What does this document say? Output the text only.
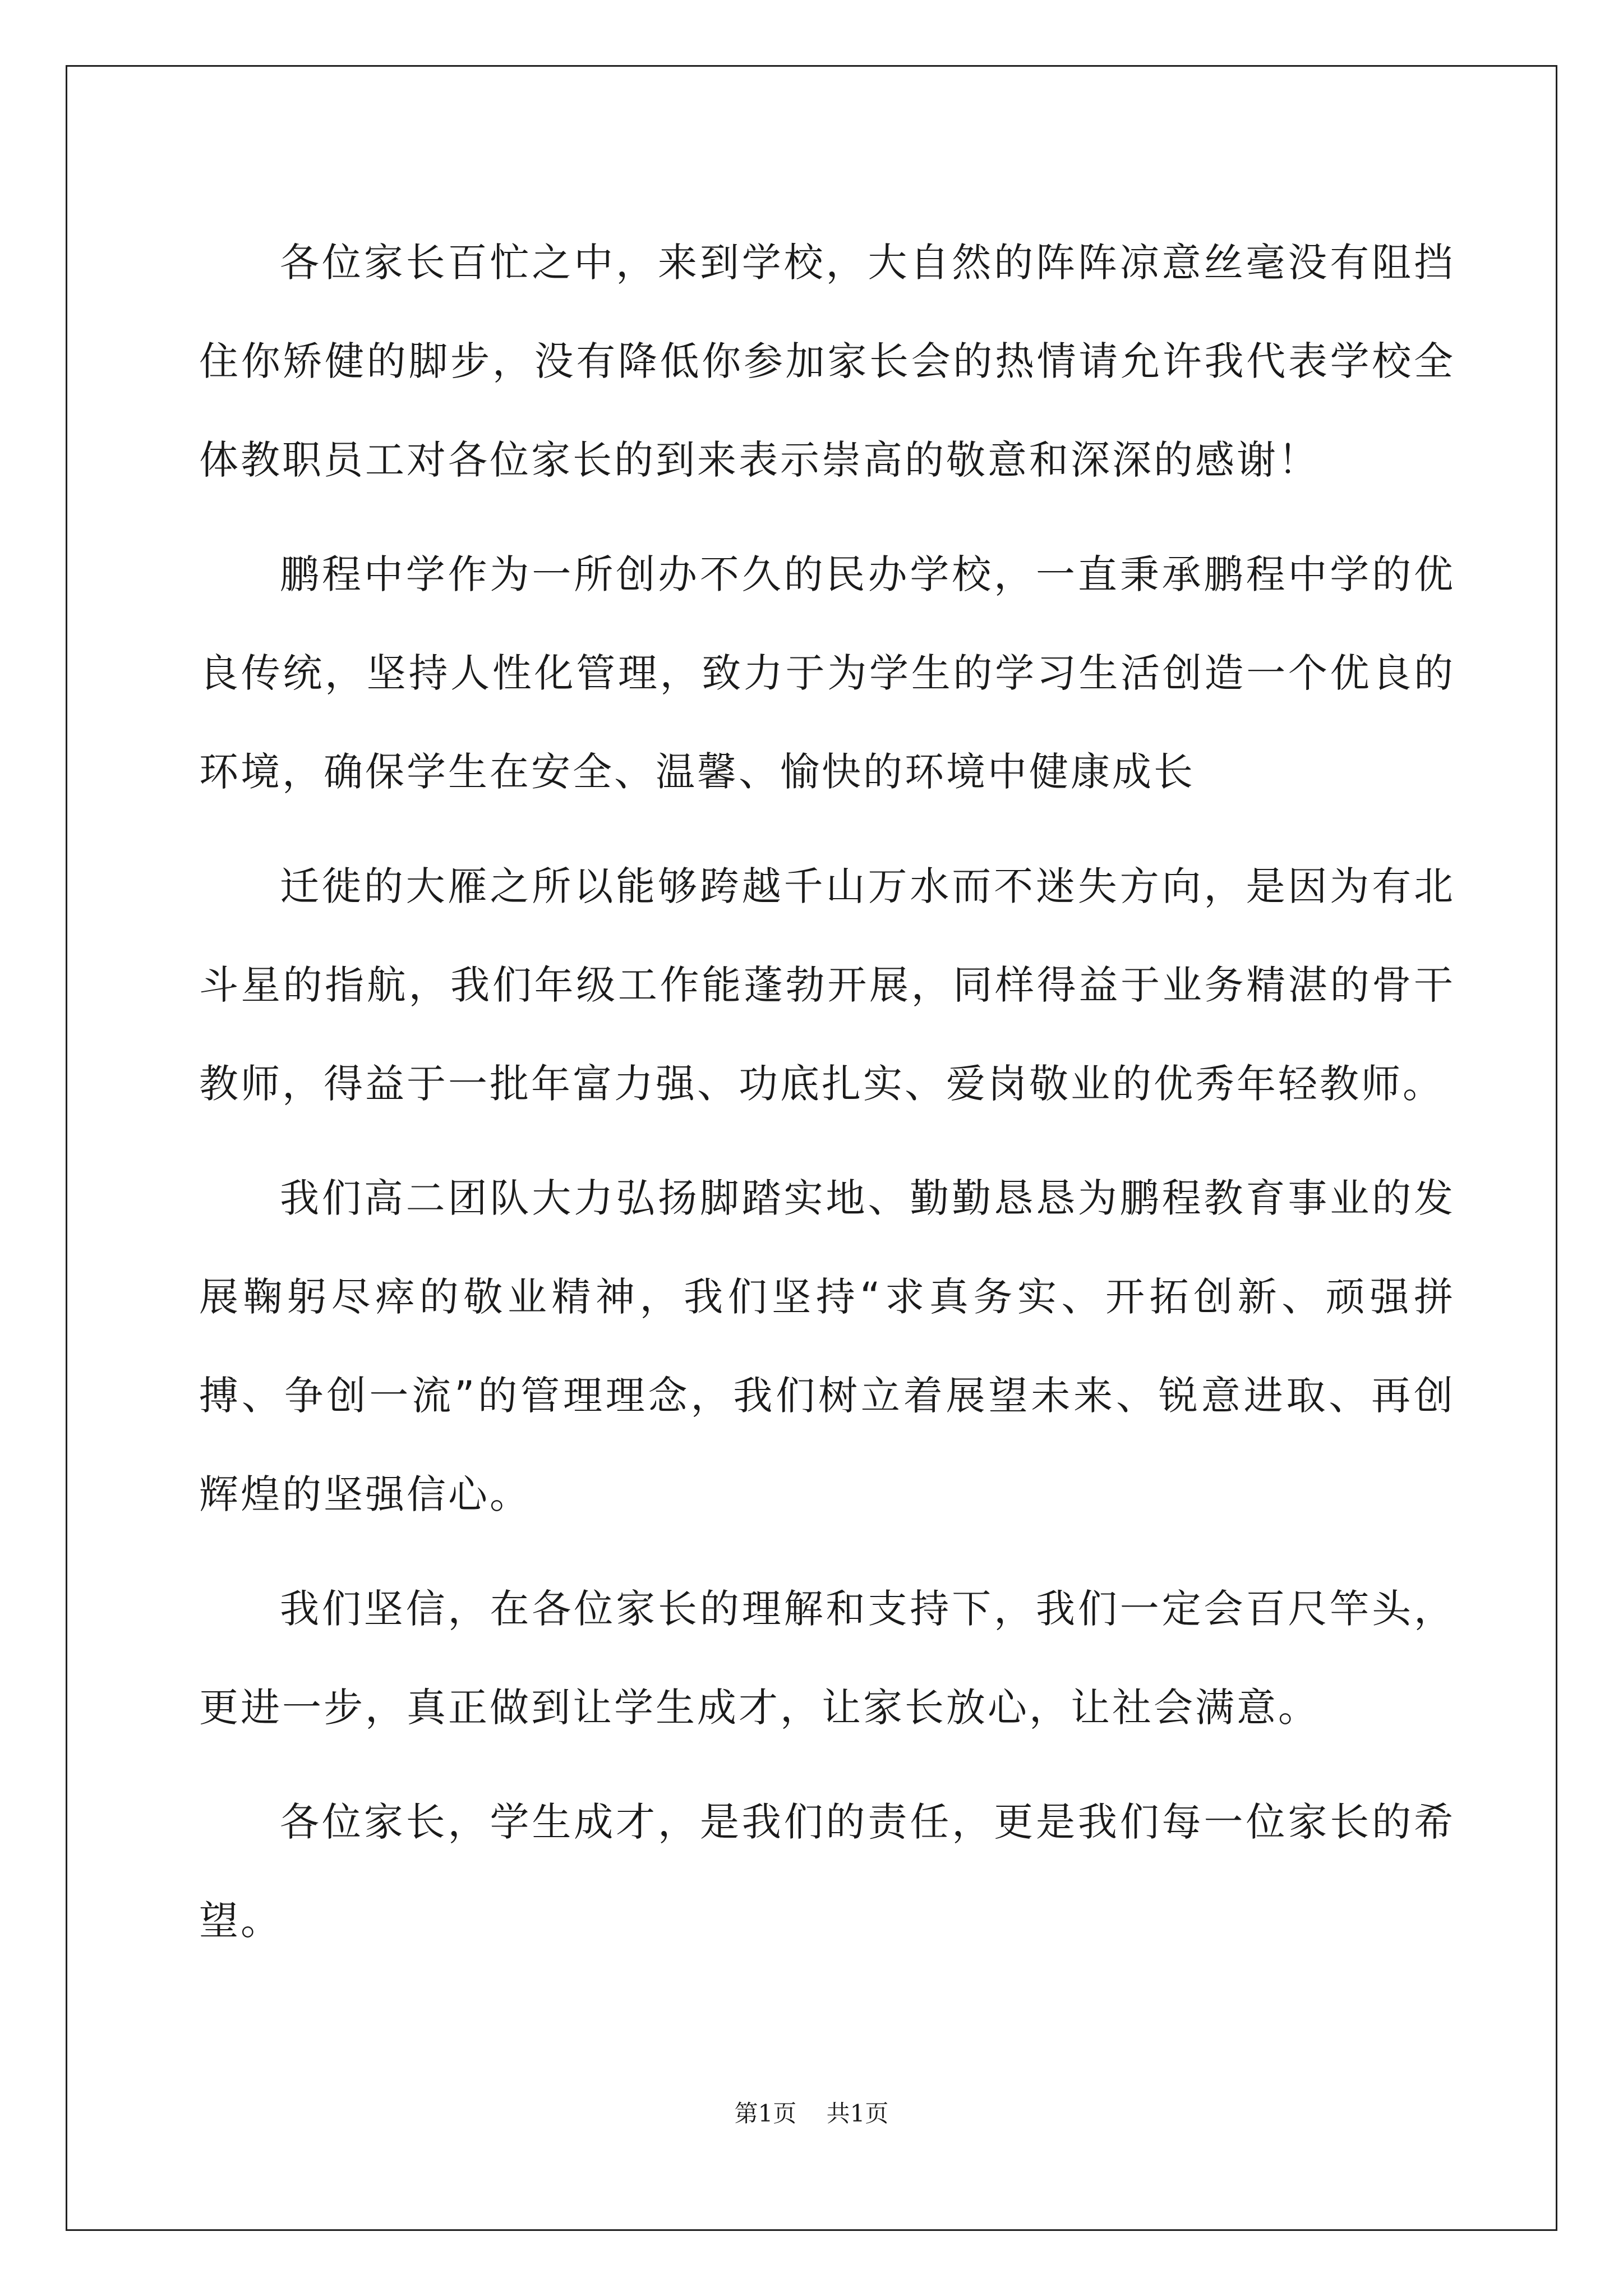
各位家长百忙之中，来到学校，大自然的阵阵凉意丝毫没有阻挡住你矫健的脚步，没有降低你参加家长会的热情请允许我代表学校全体教职员工对各位家长的到来表示崇高的敬意和深深的感谢！

鹏程中学作为一所创办不久的民办学校，一直秉承鹏程中学的优良传统，坚持人性化管理，致力于为学生的学习生活创造一个优良的环境，确保学生在安全、温馨、愉快的环境中健康成长

迁徙的大雁之所以能够跨越千山万水而不迷失方向，是因为有北斗星的指航，我们年级工作能蓬勃开展，同样得益于业务精湛的骨干教师，得益于一批年富力强、功底扎实、爱岗敬业的优秀年轻教师。

我们高二团队大力弘扬脚踏实地、勤勤恳恳为鹏程教育事业的发展鞠躬尽瘁的敬业精神，我们坚持“求真务实、开拓创新、顽强拼搏、争创一流”的管理理念，我们树立着展望未来、锐意进取、再创辉煌的坚强信心。

我们坚信，在各位家长的理解和支持下，我们一定会百尺竿头，更进一步，真正做到让学生成才，让家长放心，让社会满意。

各位家长，学生成才，是我们的责任，更是我们每一位家长的希望。

第1页 共1页
